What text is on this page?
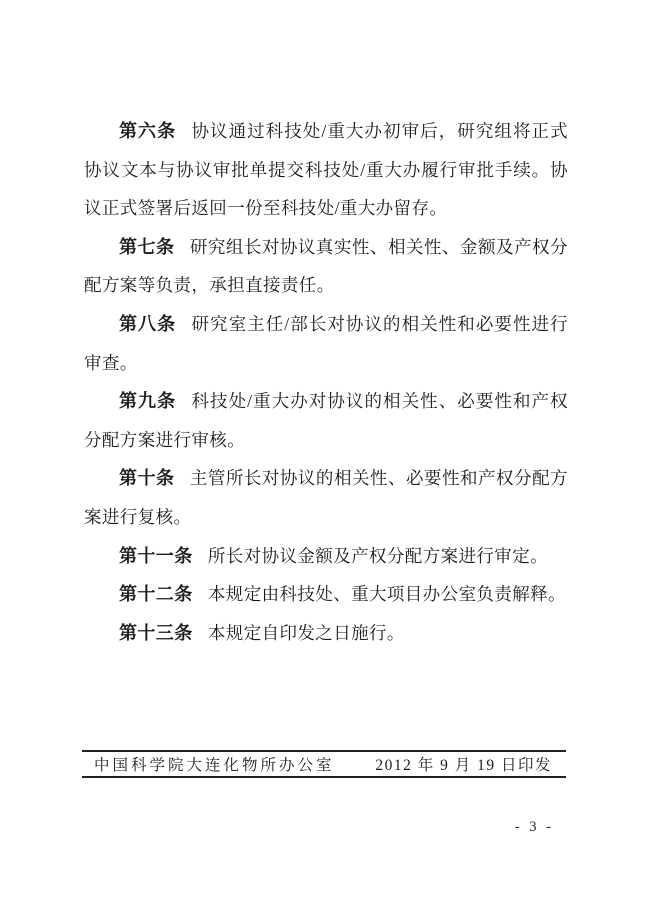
第六条 协议通过科技处/重大办初审后，研究组将正式协议文本与协议审批单提交科技处/重大办履行审批手续。协议正式签署后返回一份至科技处/重大办留存。

第七条 研究组长对协议真实性、相关性、金额及产权分配方案等负责，承担直接责任。

第八条 研究室主任/部长对协议的相关性和必要性进行审查。

第九条 科技处/重大办对协议的相关性、必要性和产权分配方案进行审核。

第十条 主管所长对协议的相关性、必要性和产权分配方案进行复核。

第十一条 所长对协议金额及产权分配方案进行审定。

第十二条 本规定由科技处、重大项目办公室负责解释。

第十三条 本规定自印发之日施行。

中国科学院大连化物所办公室	2012 年 9 月 19 日印发
- 3 -
